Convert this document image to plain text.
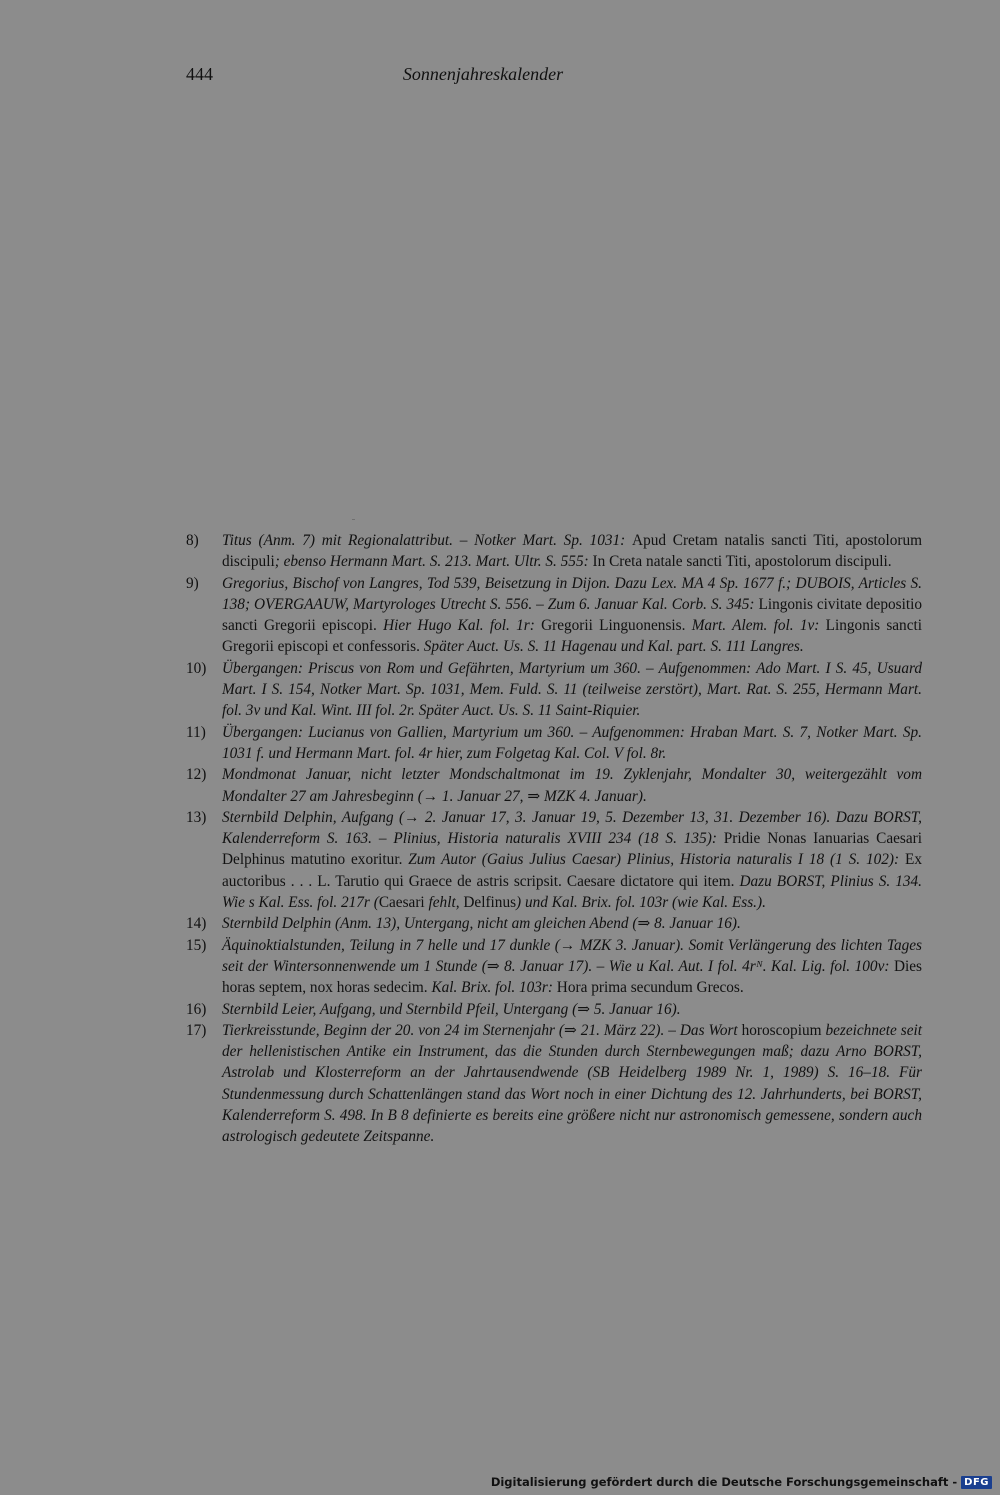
444	Sonnenjahreskalender
8)	Titus (Anm. 7) mit Regionalattribut. – Notker Mart. Sp. 1031: Apud Cretam natalis sancti Titi, apostolorum discipuli; ebenso Hermann Mart. S. 213. Mart. Ultr. S. 555: In Creta natale sancti Titi, apostolorum discipuli.
9)	Gregorius, Bischof von Langres, Tod 539, Beisetzung in Dijon. Dazu Lex. MA 4 Sp. 1677 f.; DUBOIS, Articles S. 138; OVERGAAUW, Martyrologes Utrecht S. 556. – Zum 6. Januar Kal. Corb. S. 345: Lingonis civitate depositio sancti Gregorii episcopi. Hier Hugo Kal. fol. 1r: Gregorii Linguonensis. Mart. Alem. fol. 1v: Lingonis sancti Gregorii episcopi et confessoris. Später Auct. Us. S. 11 Hagenau und Kal. part. S. 111 Langres.
10)	Übergangen: Priscus von Rom und Gefährten, Martyrium um 360. – Aufgenommen: Ado Mart. I S. 45, Usuard Mart. I S. 154, Notker Mart. Sp. 1031, Mem. Fuld. S. 11 (teilweise zerstört), Mart. Rat. S. 255, Hermann Mart. fol. 3v und Kal. Wint. III fol. 2r. Später Auct. Us. S. 11 Saint-Riquier.
11)	Übergangen: Lucianus von Gallien, Martyrium um 360. – Aufgenommen: Hraban Mart. S. 7, Notker Mart. Sp. 1031 f. und Hermann Mart. fol. 4r hier, zum Folgetag Kal. Col. V fol. 8r.
12)	Mondmonat Januar, nicht letzter Mondschaltmonat im 19. Zyklenjahr, Mondalter 30, weitergezählt vom Mondalter 27 am Jahresbeginn (→ 1. Januar 27, ⇒ MZK 4. Januar).
13)	Sternbild Delphin, Aufgang (→ 2. Januar 17, 3. Januar 19, 5. Dezember 13, 31. Dezember 16). Dazu BORST, Kalenderreform S. 163. – Plinius, Historia naturalis XVIII 234 (18 S. 135): Pridie Nonas Ianuarias Caesari Delphinus matutino exoritur. Zum Autor (Gaius Julius Caesar) Plinius, Historia naturalis I 18 (1 S. 102): Ex auctoribus . . . L. Tarutio qui Graece de astris scripsit. Caesare dictatore qui item. Dazu BORST, Plinius S. 134. Wie s Kal. Ess. fol. 217r (Caesari fehlt, Delfinus) und Kal. Brix. fol. 103r (wie Kal. Ess.).
14)	Sternbild Delphin (Anm. 13), Untergang, nicht am gleichen Abend (⇒ 8. Januar 16).
15)	Äquinoktialstunden, Teilung in 7 helle und 17 dunkle (→ MZK 3. Januar). Somit Verlängerung des lichten Tages seit der Wintersonnenwende um 1 Stunde (⇒ 8. Januar 17). – Wie u Kal. Aut. I fol. 4rᴺ. Kal. Lig. fol. 100v: Dies horas septem, nox horas sedecim. Kal. Brix. fol. 103r: Hora prima secundum Grecos.
16)	Sternbild Leier, Aufgang, und Sternbild Pfeil, Untergang (⇒ 5. Januar 16).
17)	Tierkreisstunde, Beginn der 20. von 24 im Sternenjahr (⇒ 21. März 22). – Das Wort horoscopium bezeichnete seit der hellenistischen Antike ein Instrument, das die Stunden durch Sternbewegungen maß; dazu Arno BORST, Astrolab und Klosterreform an der Jahrtausendwende (SB Heidelberg 1989 Nr. 1, 1989) S. 16–18. Für Stundenmessung durch Schattenlängen stand das Wort noch in einer Dichtung des 12. Jahrhunderts, bei BORST, Kalenderreform S. 498. In B 8 definierte es bereits eine größere nicht nur astronomisch gemessene, sondern auch astrologisch gedeutete Zeitspanne.
Digitalisierung gefördert durch die Deutsche Forschungsgemeinschaft - DFG
